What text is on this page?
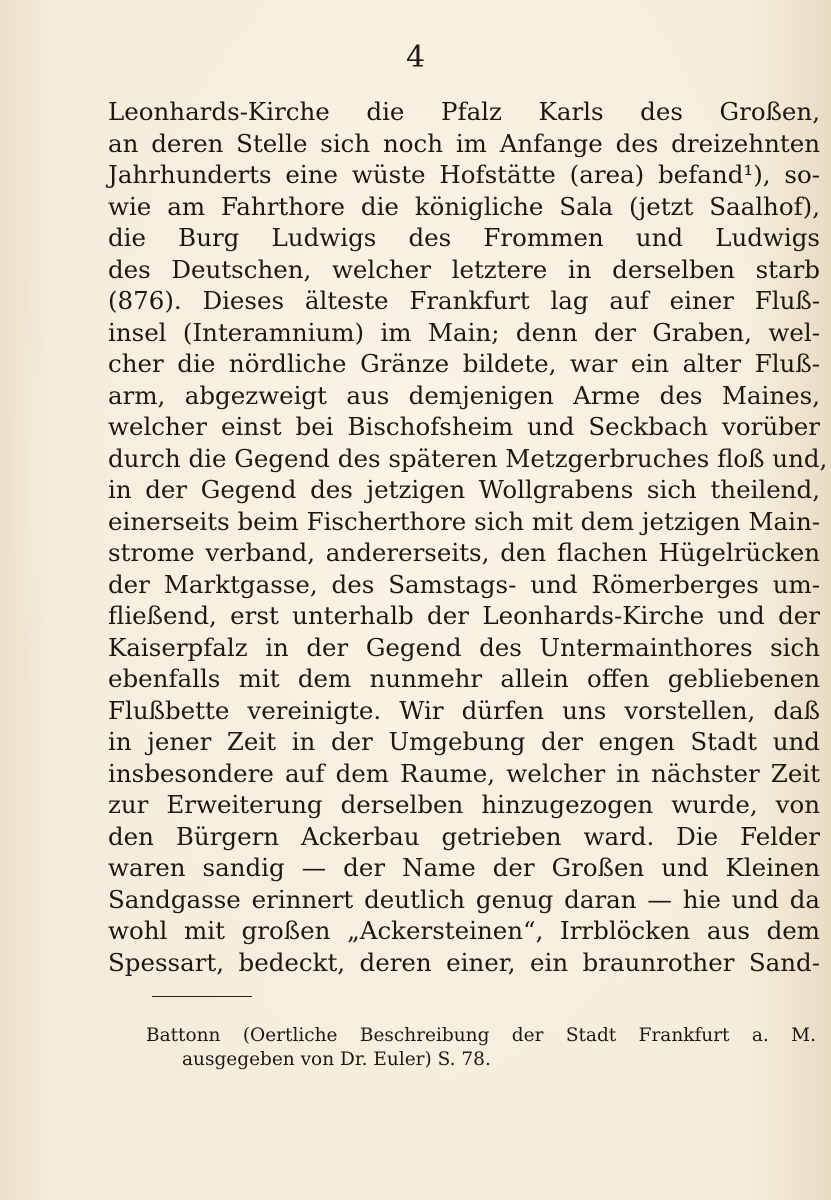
4
Leonhards-Kirche die Pfalz Karls des Großen,
an deren Stelle sich noch im Anfange des dreizehnten
Jahrhunderts eine wüste Hofstätte (area) befand¹), so-
wie am Fahrthore die königliche Sala (jetzt Saalhof),
die Burg Ludwigs des Frommen und Ludwigs
des Deutschen, welcher letztere in derselben starb
(876). Dieses älteste Frankfurt lag auf einer Fluß-
insel (Interamnium) im Main; denn der Graben, wel-
cher die nördliche Gränze bildete, war ein alter Fluß-
arm, abgezweigt aus demjenigen Arme des Maines,
welcher einst bei Bischofsheim und Seckbach vorüber
durch die Gegend des späteren Metzgerbruches floß und,
in der Gegend des jetzigen Wollgrabens sich theilend,
einerseits beim Fischerthore sich mit dem jetzigen Main-
strome verband, andererseits, den flachen Hügelrücken
der Marktgasse, des Samstags- und Römerberges um-
fließend, erst unterhalb der Leonhards-Kirche und der
Kaiserpfalz in der Gegend des Untermainthores sich
ebenfalls mit dem nunmehr allein offen gebliebenen
Flußbette vereinigte. Wir dürfen uns vorstellen, daß
in jener Zeit in der Umgebung der engen Stadt und
insbesondere auf dem Raume, welcher in nächster Zeit
zur Erweiterung derselben hinzugezogen wurde, von
den Bürgern Ackerbau getrieben ward. Die Felder
waren sandig — der Name der Großen und Kleinen
Sandgasse erinnert deutlich genug daran — hie und da
wohl mit großen „Ackersteinen“, Irrblöcken aus dem
Spessart, bedeckt, deren einer, ein braunrother Sand-
Battonn (Oertliche Beschreibung der Stadt Frankfurt a. M.
ausgegeben von Dr. Euler) S. 78.
